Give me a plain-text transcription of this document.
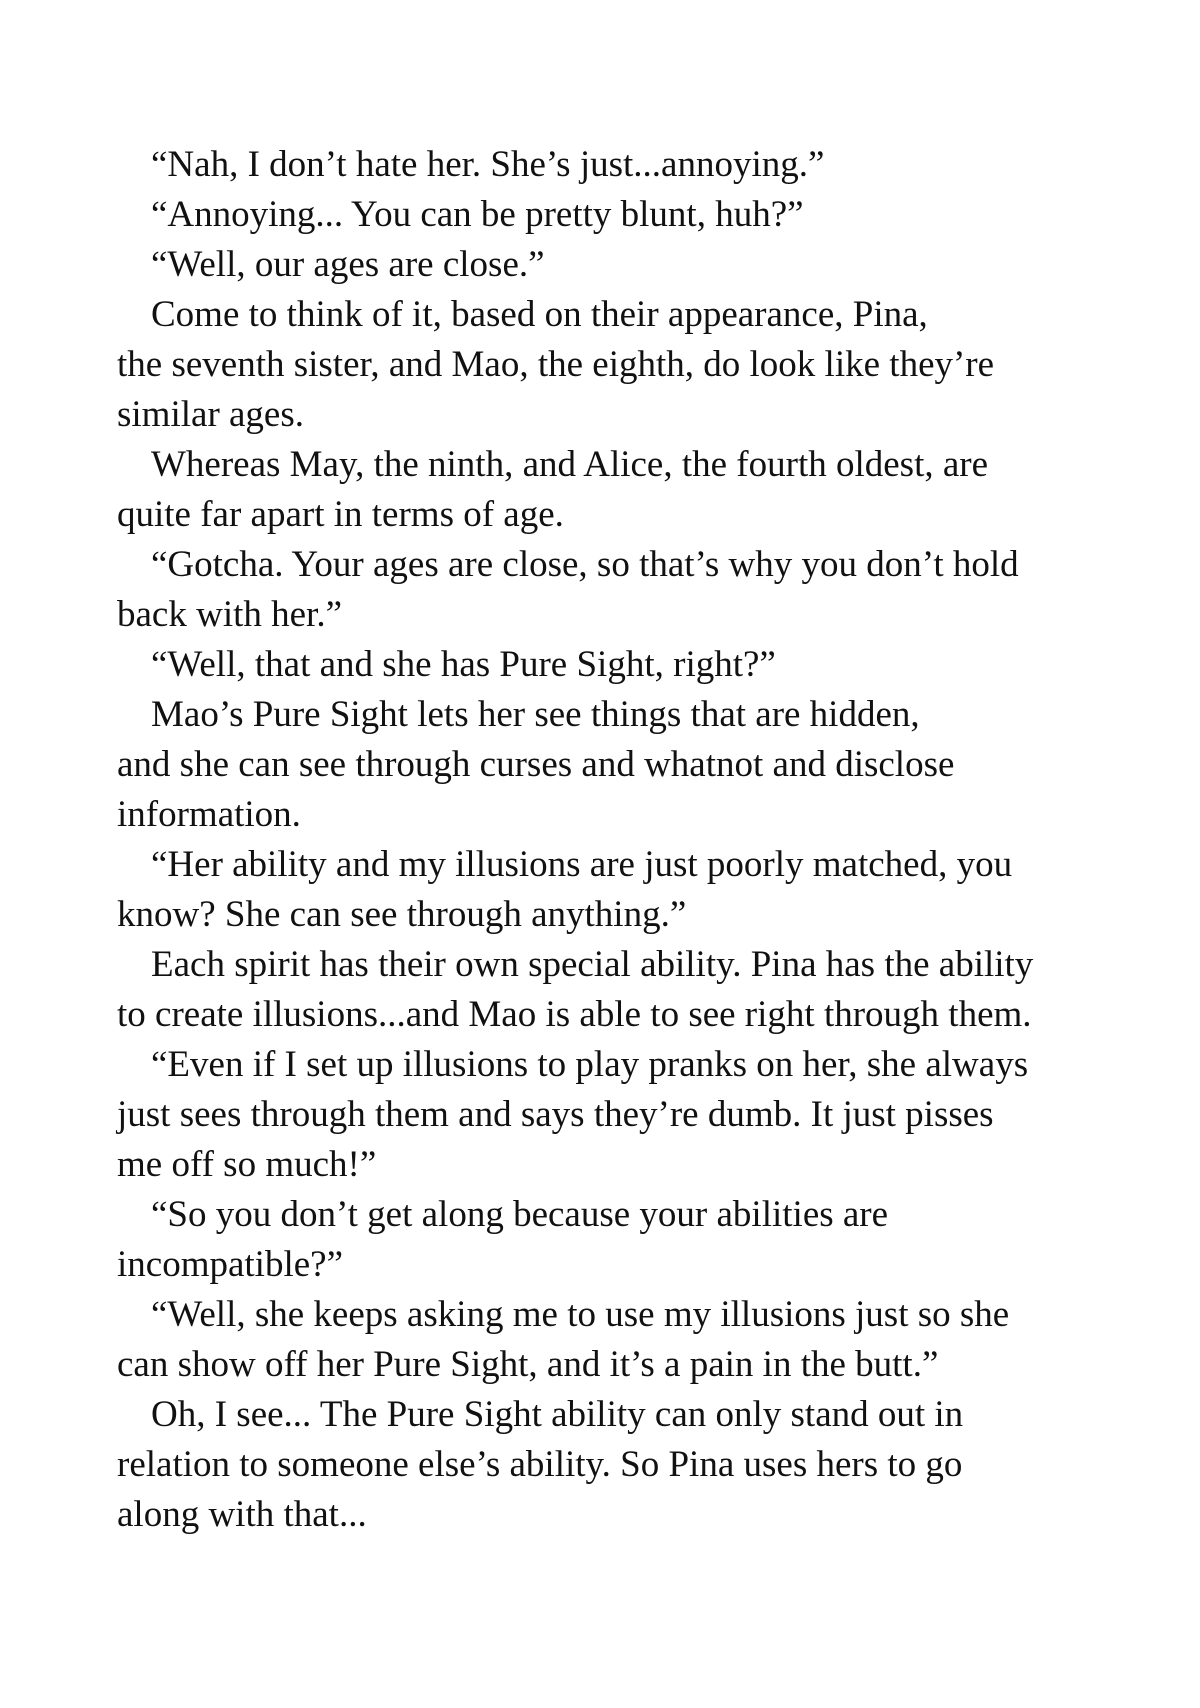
“Nah, I don’t hate her. She’s just...annoying.”

“Annoying... You can be pretty blunt, huh?”

“Well, our ages are close.”

Come to think of it, based on their appearance, Pina,
the seventh sister, and Mao, the eighth, do look like they’re
similar ages.

Whereas May, the ninth, and Alice, the fourth oldest, are
quite far apart in terms of age.

“Gotcha. Your ages are close, so that’s why you don’t hold
back with her.”

“Well, that and she has Pure Sight, right?”

Mao’s Pure Sight lets her see things that are hidden,
and she can see through curses and whatnot and disclose
information.

“Her ability and my illusions are just poorly matched, you
know? She can see through anything.”

Each spirit has their own special ability. Pina has the ability
to create illusions...and Mao is able to see right through them.

“Even if I set up illusions to play pranks on her, she always
just sees through them and says they’re dumb. It just pisses
me off so much!”

“So you don’t get along because your abilities are
incompatible?”

“Well, she keeps asking me to use my illusions just so she
can show off her Pure Sight, and it’s a pain in the butt.”

Oh, I see... The Pure Sight ability can only stand out in
relation to someone else’s ability. So Pina uses hers to go
along with that...
